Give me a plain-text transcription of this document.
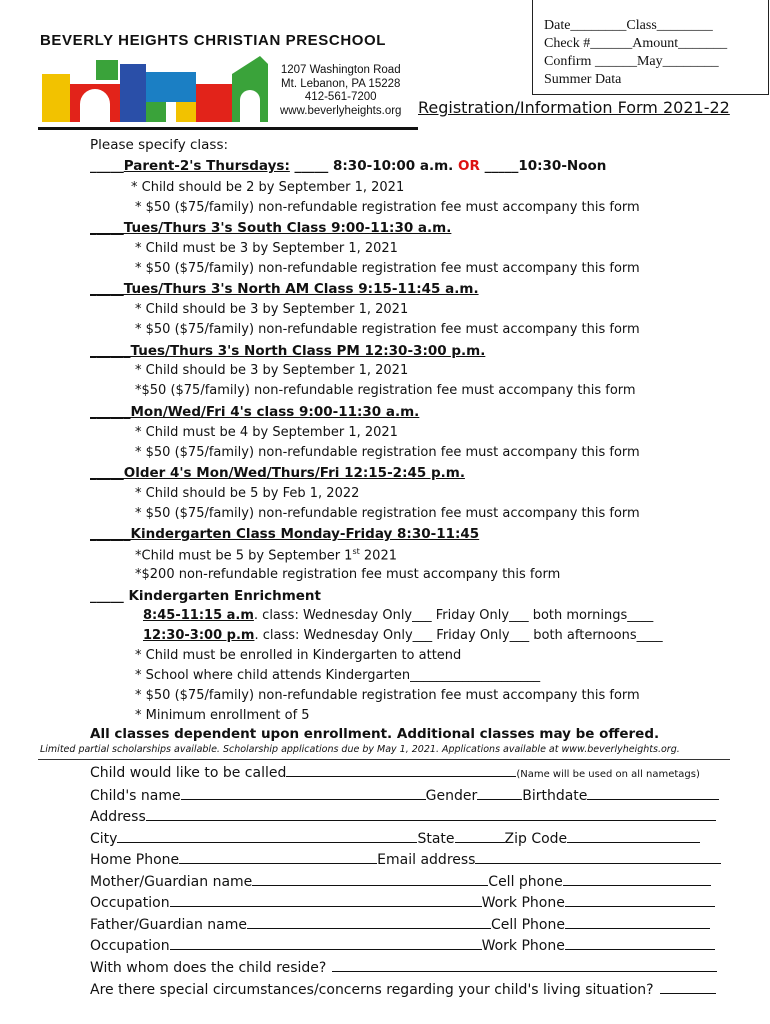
Date________Class________
Check #______Amount_______
Confirm ______May________
Summer Data
BEVERLY HEIGHTS CHRISTIAN PRESCHOOL
1207 Washington Road
Mt. Lebanon, PA 15228
412-561-7200
www.beverlyheights.org Registration/Information Form 2021-22
Please specify class:
_____Parent-2's Thursdays: _____ 8:30-10:00 a.m. OR _____10:30-Noon
* Child should be 2 by September 1, 2021
* $50 ($75/family) non-refundable registration fee must accompany this form
_____Tues/Thurs 3's South Class 9:00-11:30 a.m.
* Child must be 3 by September 1, 2021
* $50 ($75/family) non-refundable registration fee must accompany this form
_____Tues/Thurs 3's North AM Class 9:15-11:45 a.m.
* Child should be 3 by September 1, 2021
* $50 ($75/family) non-refundable registration fee must accompany this form
______Tues/Thurs 3's North Class PM 12:30-3:00 p.m.
* Child should be 3 by September 1, 2021
*$50 ($75/family) non-refundable registration fee must accompany this form
______Mon/Wed/Fri 4's class 9:00-11:30 a.m.
* Child must be 4 by September 1, 2021
* $50 ($75/family) non-refundable registration fee must accompany this form
_____Older 4's Mon/Wed/Thurs/Fri 12:15-2:45 p.m.
* Child should be 5 by Feb 1, 2022
* $50 ($75/family) non-refundable registration fee must accompany this form
______Kindergarten Class Monday-Friday 8:30-11:45
*Child must be 5 by September 1st 2021
*$200 non-refundable registration fee must accompany this form
_____ Kindergarten Enrichment
8:45-11:15 a.m. class: Wednesday Only___ Friday Only___ both mornings____
12:30-3:00 p.m. class: Wednesday Only___ Friday Only___ both afternoons____
* Child must be enrolled in Kindergarten to attend
* School where child attends Kindergarten____________________
* $50 ($75/family) non-refundable registration fee must accompany this form
* Minimum enrollment of 5
All classes dependent upon enrollment. Additional classes may be offered.
Limited partial scholarships available. Scholarship applications due by May 1, 2021. Applications available at www.beverlyheights.org.
Child would like to be called	(Name will be used on all nametags)
Child's name	Gender	Birthdate
Address
City	State	Zip Code
Home Phone	Email address
Mother/Guardian name	Cell phone
Occupation	Work Phone
Father/Guardian name	Cell Phone
Occupation	Work Phone
With whom does the child reside?
Are there special circumstances/concerns regarding your child's living situation?
